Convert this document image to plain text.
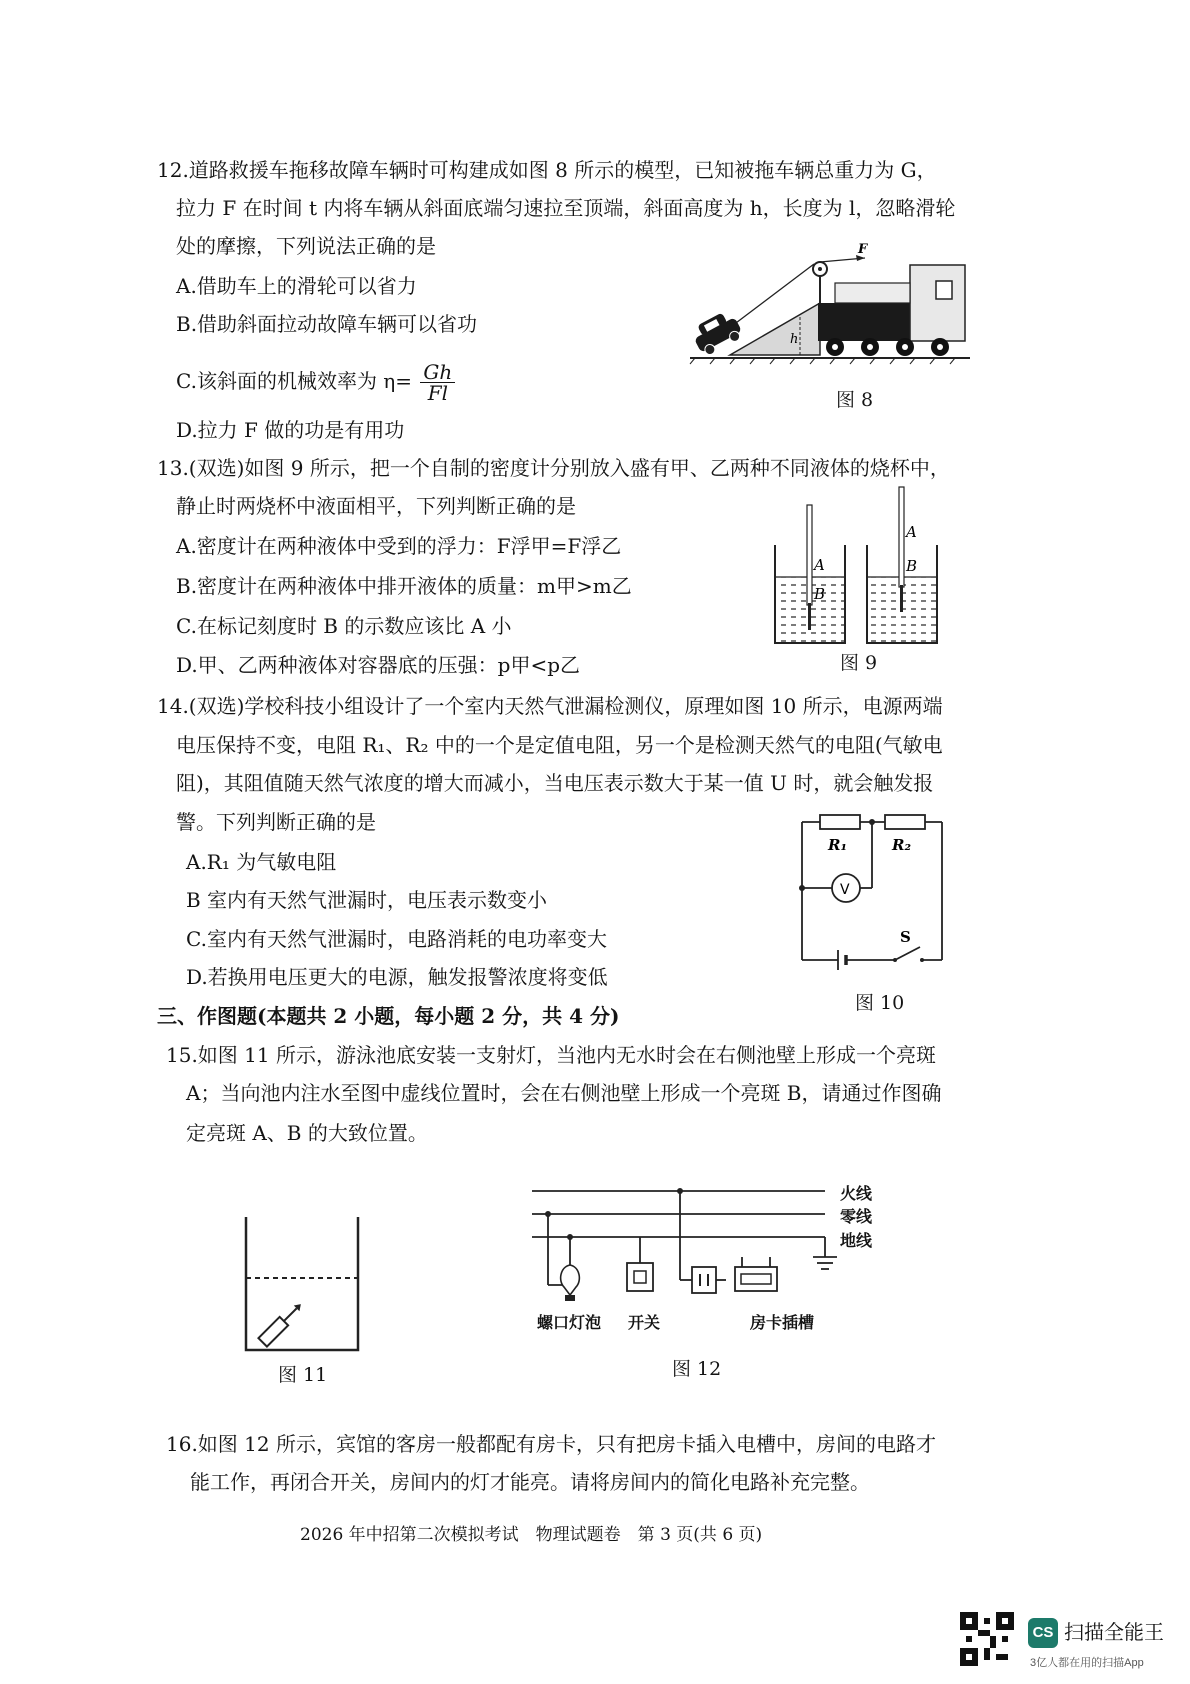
12.道路救援车拖移故障车辆时可构建成如图 8 所示的模型，已知被拖车辆总重力为 G，
拉力 F 在时间 t 内将车辆从斜面底端匀速拉至顶端，斜面高度为 h，长度为 l，忽略滑轮
处的摩擦，下列说法正确的是
A.借助车上的滑轮可以省力
B.借助斜面拉动故障车辆可以省功
C.该斜面的机械效率为 $\eta= \frac{Gh}{Fl}$
D.拉力 F 做的功是有用功
h
F
图 8
13.(双选)如图 9 所示，把一个自制的密度计分别放入盛有甲、乙两种不同液体的烧杯中，
静止时两烧杯中液面相平，下列判断正确的是
A.密度计在两种液体中受到的浮力：F浮甲=F浮乙
B.密度计在两种液体中排开液体的质量：m甲>m乙
C.在标记刻度时 B 的示数应该比 A 小
D.甲、乙两种液体对容器底的压强：p甲<p乙
A
B
A
B
图 9
14.(双选)学校科技小组设计了一个室内天然气泄漏检测仪，原理如图 10 所示，电源两端
电压保持不变，电阻 R₁、R₂ 中的一个是定值电阻，另一个是检测天然气的电阻(气敏电
阻)，其阻值随天然气浓度的增大而减小，当电压表示数大于某一值 U 时，就会触发报
警。下列判断正确的是
A.R₁ 为气敏电阻
B 室内有天然气泄漏时，电压表示数变小
C.室内有天然气泄漏时，电路消耗的电功率变大
D.若换用电压更大的电源，触发报警浓度将变低
R₁	R₂
V
S
图 10
三、作图题(本题共 2 小题，每小题 2 分，共 4 分)
15.如图 11 所示，游泳池底安装一支射灯，当池内无水时会在右侧池壁上形成一个亮斑
A；当向池内注水至图中虚线位置时，会在右侧池壁上形成一个亮斑 B，请通过作图确
定亮斑 A、B 的大致位置。
图 11
火线
零线
地线
螺口灯泡 开关	房卡插槽
图 12
16.如图 12 所示，宾馆的客房一般都配有房卡，只有把房卡插入电槽中，房间的电路才
能工作，再闭合开关，房间内的灯才能亮。请将房间内的简化电路补充完整。
2026 年中招第二次模拟考试　物理试题卷　第 3 页(共 6 页)
CS 扫描全能王
3亿人都在用的扫描App
